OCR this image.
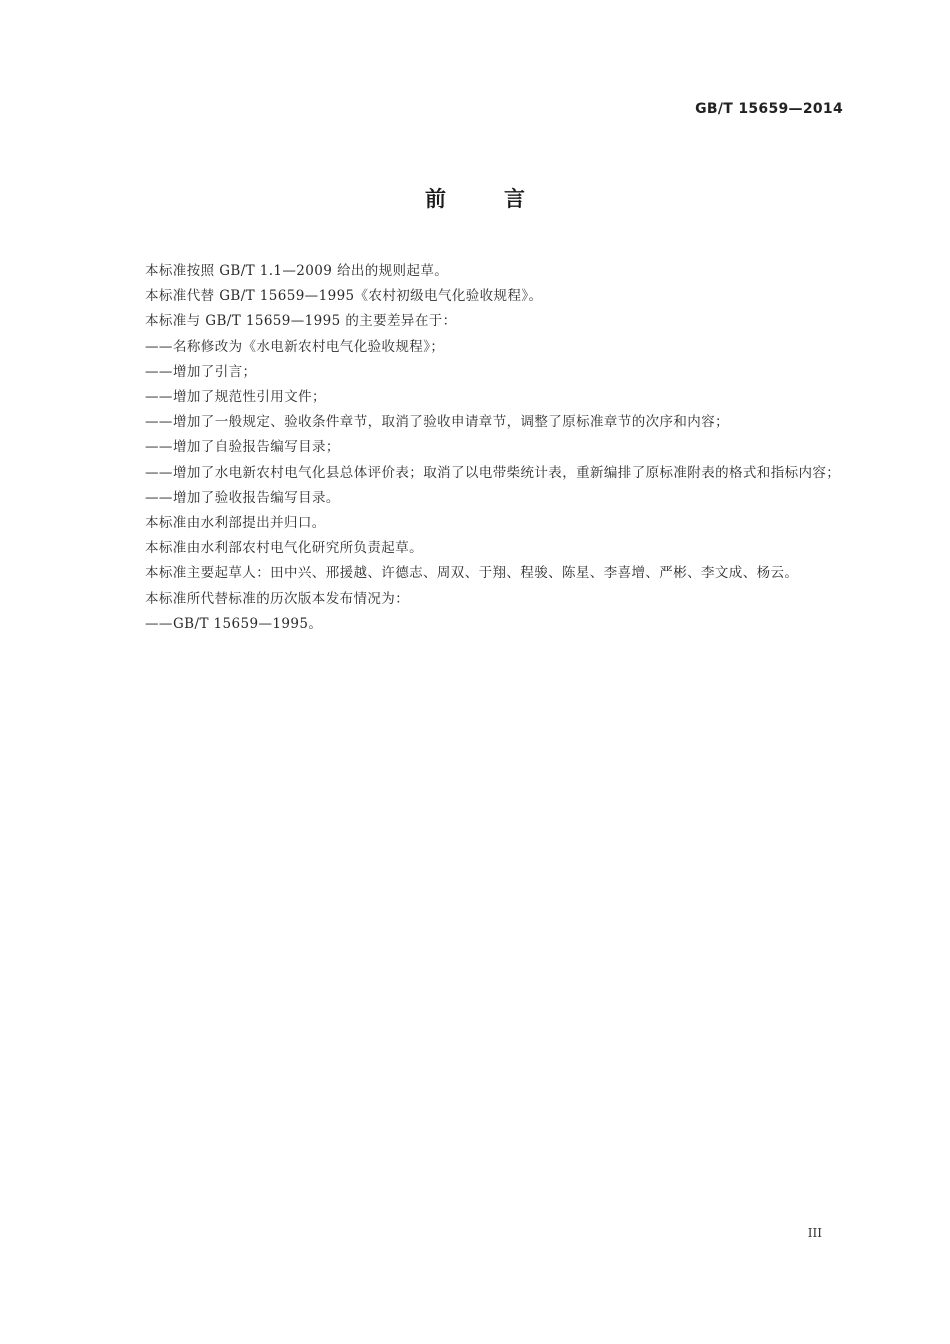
GB/T 15659—2014
前言
本标准按照 GB/T 1.1—2009 给出的规则起草。
本标准代替 GB/T 15659—1995《农村初级电气化验收规程》。
本标准与 GB/T 15659—1995 的主要差异在于：
—— 名称修改为《水电新农村电气化验收规程》；
—— 增加了引言；
—— 增加了规范性引用文件；
—— 增加了一般规定、验收条件章节，取消了验收申请章节，调整了原标准章节的次序和内容；
—— 增加了自验报告编写目录；
—— 增加了水电新农村电气化县总体评价表；取消了以电带柴统计表，重新编排了原标准附表的格式和指标内容；
—— 增加了验收报告编写目录。
本标准由水利部提出并归口。
本标准由水利部农村电气化研究所负责起草。
本标准主要起草人：田中兴、邢援越、许德志、周双、于翔、程骏、陈星、李喜增、严彬、李文成、杨云。
本标准所代替标准的历次版本发布情况为：
—— GB/T 15659—1995。
III
